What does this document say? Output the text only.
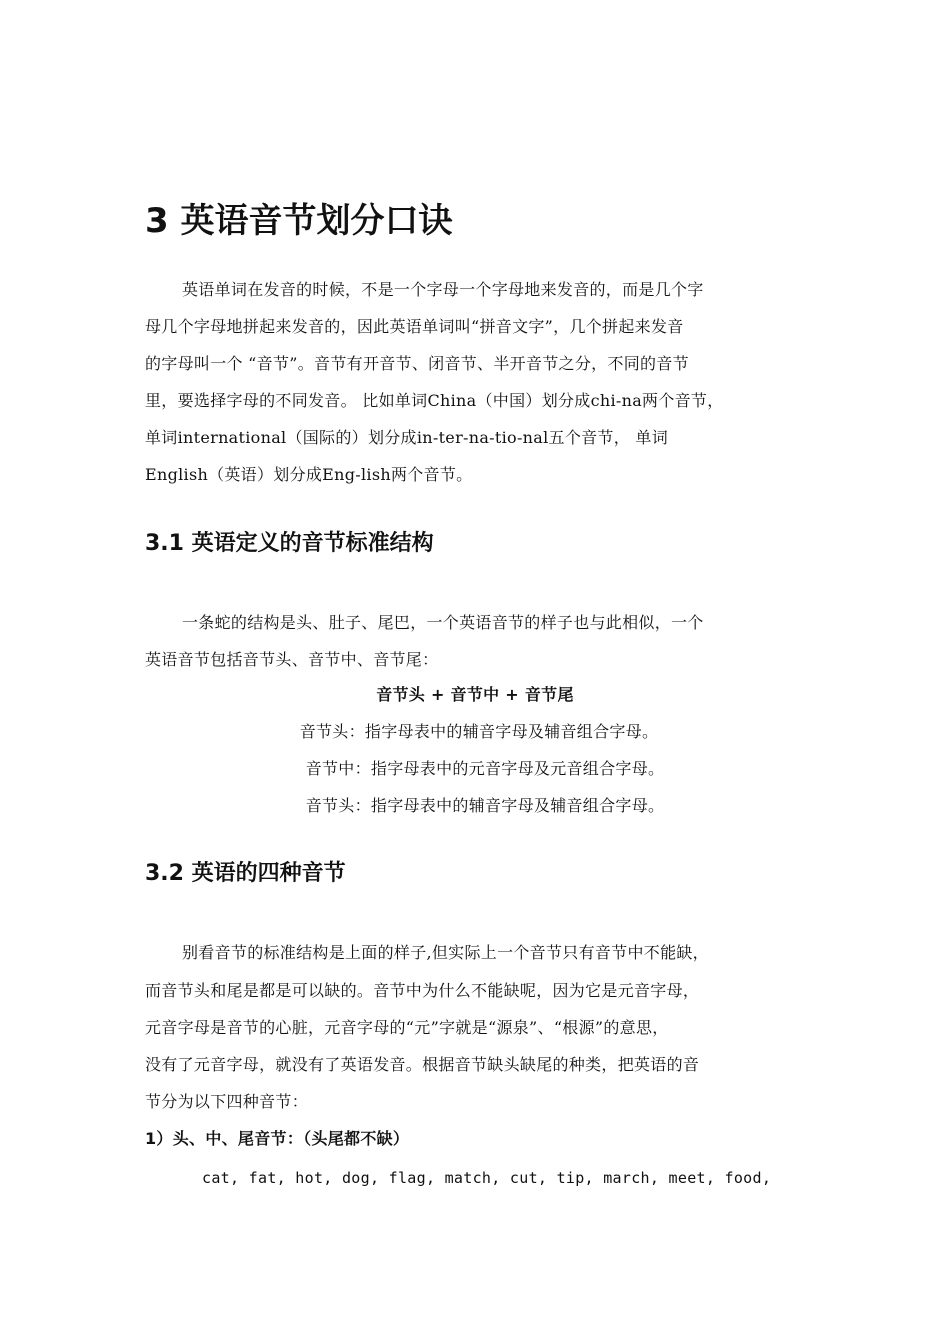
3 英语音节划分口诀
英语单词在发音的时候，不是一个字母一个字母地来发音的，而是几个字
母几个字母地拼起来发音的，因此英语单词叫“拼音文字”，几个拼起来发音
的字母叫一个 “音节”。音节有开音节、闭音节、半开音节之分，不同的音节
里，要选择字母的不同发音。 比如单词China（中国）划分成chi-na两个音节，
单词international（国际的）划分成in-ter-na-tio-nal五个音节， 单词
English（英语）划分成Eng-lish两个音节。
3.1 英语定义的音节标准结构
一条蛇的结构是头、肚子、尾巴，一个英语音节的样子也与此相似，一个
英语音节包括音节头、音节中、音节尾：
音节头 + 音节中 + 音节尾
音节头：指字母表中的辅音字母及辅音组合字母。
音节中：指字母表中的元音字母及元音组合字母。
音节头：指字母表中的辅音字母及辅音组合字母。
3.2 英语的四种音节
别看音节的标准结构是上面的样子,但实际上一个音节只有音节中不能缺，
而音节头和尾是都是可以缺的。音节中为什么不能缺呢，因为它是元音字母，
元音字母是音节的心脏，元音字母的“元”字就是“源泉”、“根源”的意思，
没有了元音字母，就没有了英语发音。根据音节缺头缺尾的种类，把英语的音
节分为以下四种音节：
1）头、中、尾音节：（头尾都不缺）
cat, fat, hot, dog, flag, match, cut, tip, march, meet, food,
